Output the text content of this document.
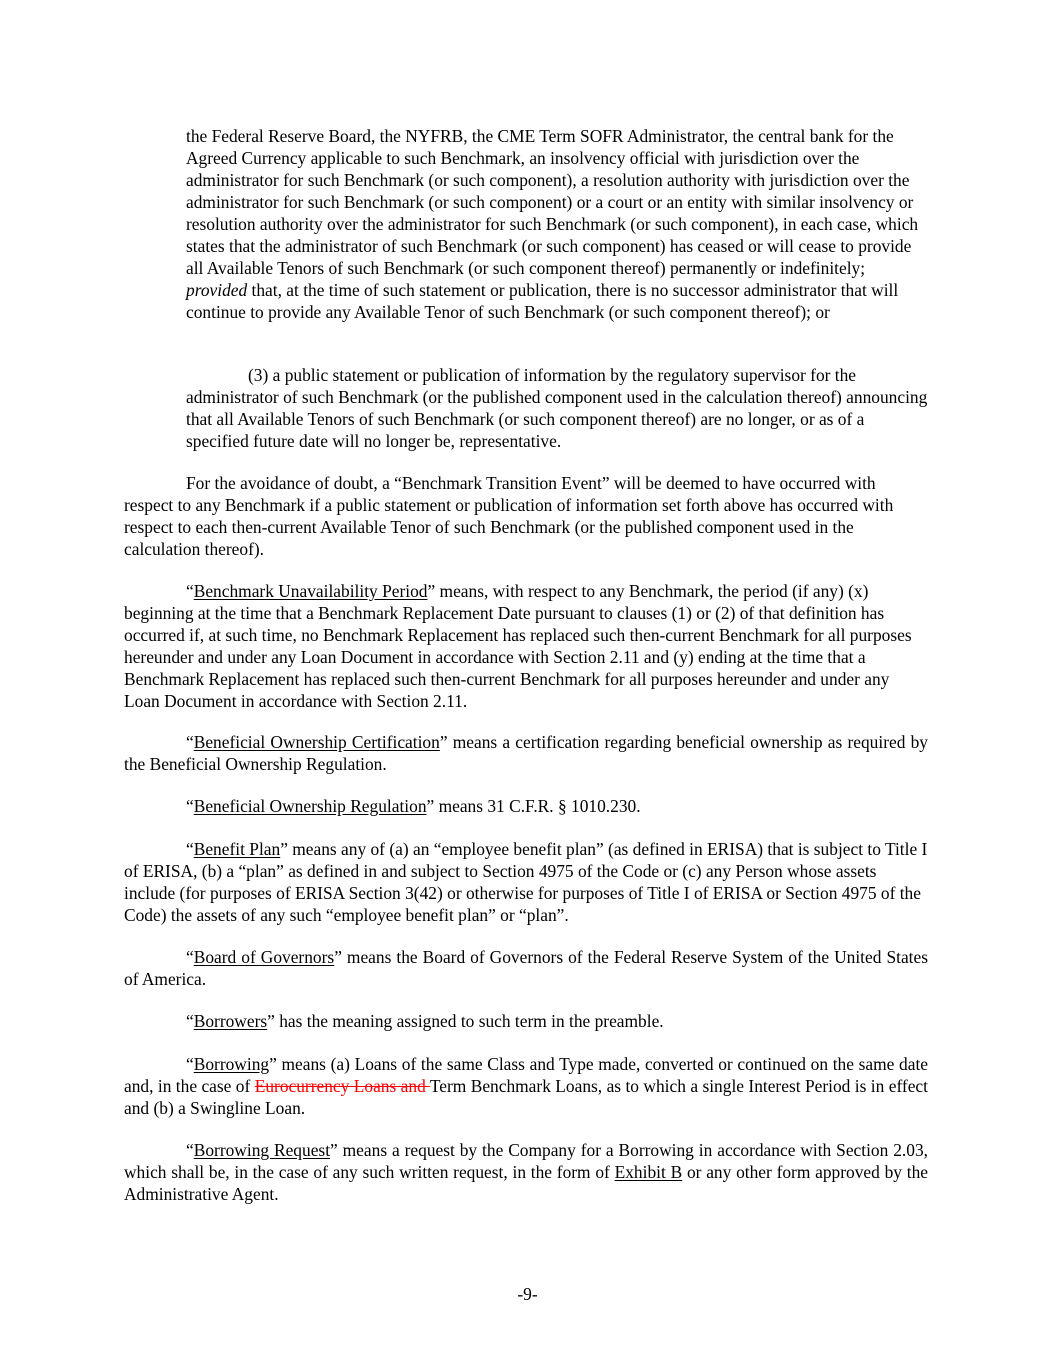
the Federal Reserve Board, the NYFRB, the CME Term SOFR Administrator, the central bank for the Agreed Currency applicable to such Benchmark, an insolvency official with jurisdiction over the administrator for such Benchmark (or such component), a resolution authority with jurisdiction over the administrator for such Benchmark (or such component) or a court or an entity with similar insolvency or resolution authority over the administrator for such Benchmark (or such component), in each case, which states that the administrator of such Benchmark (or such component) has ceased or will cease to provide all Available Tenors of such Benchmark (or such component thereof) permanently or indefinitely; provided that, at the time of such statement or publication, there is no successor administrator that will continue to provide any Available Tenor of such Benchmark (or such component thereof); or

(3) a public statement or publication of information by the regulatory supervisor for the administrator of such Benchmark (or the published component used in the calculation thereof) announcing that all Available Tenors of such Benchmark (or such component thereof) are no longer, or as of a specified future date will no longer be, representative.

For the avoidance of doubt, a “Benchmark Transition Event” will be deemed to have occurred with respect to any Benchmark if a public statement or publication of information set forth above has occurred with respect to each then-current Available Tenor of such Benchmark (or the published component used in the calculation thereof).

“Benchmark Unavailability Period” means, with respect to any Benchmark, the period (if any) (x) beginning at the time that a Benchmark Replacement Date pursuant to clauses (1) or (2) of that definition has occurred if, at such time, no Benchmark Replacement has replaced such then-current Benchmark for all purposes hereunder and under any Loan Document in accordance with Section 2.11 and (y) ending at the time that a Benchmark Replacement has replaced such then-current Benchmark for all purposes hereunder and under any Loan Document in accordance with Section 2.11.

“Beneficial Ownership Certification” means a certification regarding beneficial ownership as required by the Beneficial Ownership Regulation.

“Beneficial Ownership Regulation” means 31 C.F.R. § 1010.230.

“Benefit Plan” means any of (a) an “employee benefit plan” (as defined in ERISA) that is subject to Title I of ERISA, (b) a “plan” as defined in and subject to Section 4975 of the Code or (c) any Person whose assets include (for purposes of ERISA Section 3(42) or otherwise for purposes of Title I of ERISA or Section 4975 of the Code) the assets of any such “employee benefit plan” or “plan”.

“Board of Governors” means the Board of Governors of the Federal Reserve System of the United States of America.

“Borrowers” has the meaning assigned to such term in the preamble.

“Borrowing” means (a) Loans of the same Class and Type made, converted or continued on the same date and, in the case of Eurocurrency Loans and Term Benchmark Loans, as to which a single Interest Period is in effect and (b) a Swingline Loan.

“Borrowing Request” means a request by the Company for a Borrowing in accordance with Section 2.03, which shall be, in the case of any such written request, in the form of Exhibit B or any other form approved by the Administrative Agent.

-9-
